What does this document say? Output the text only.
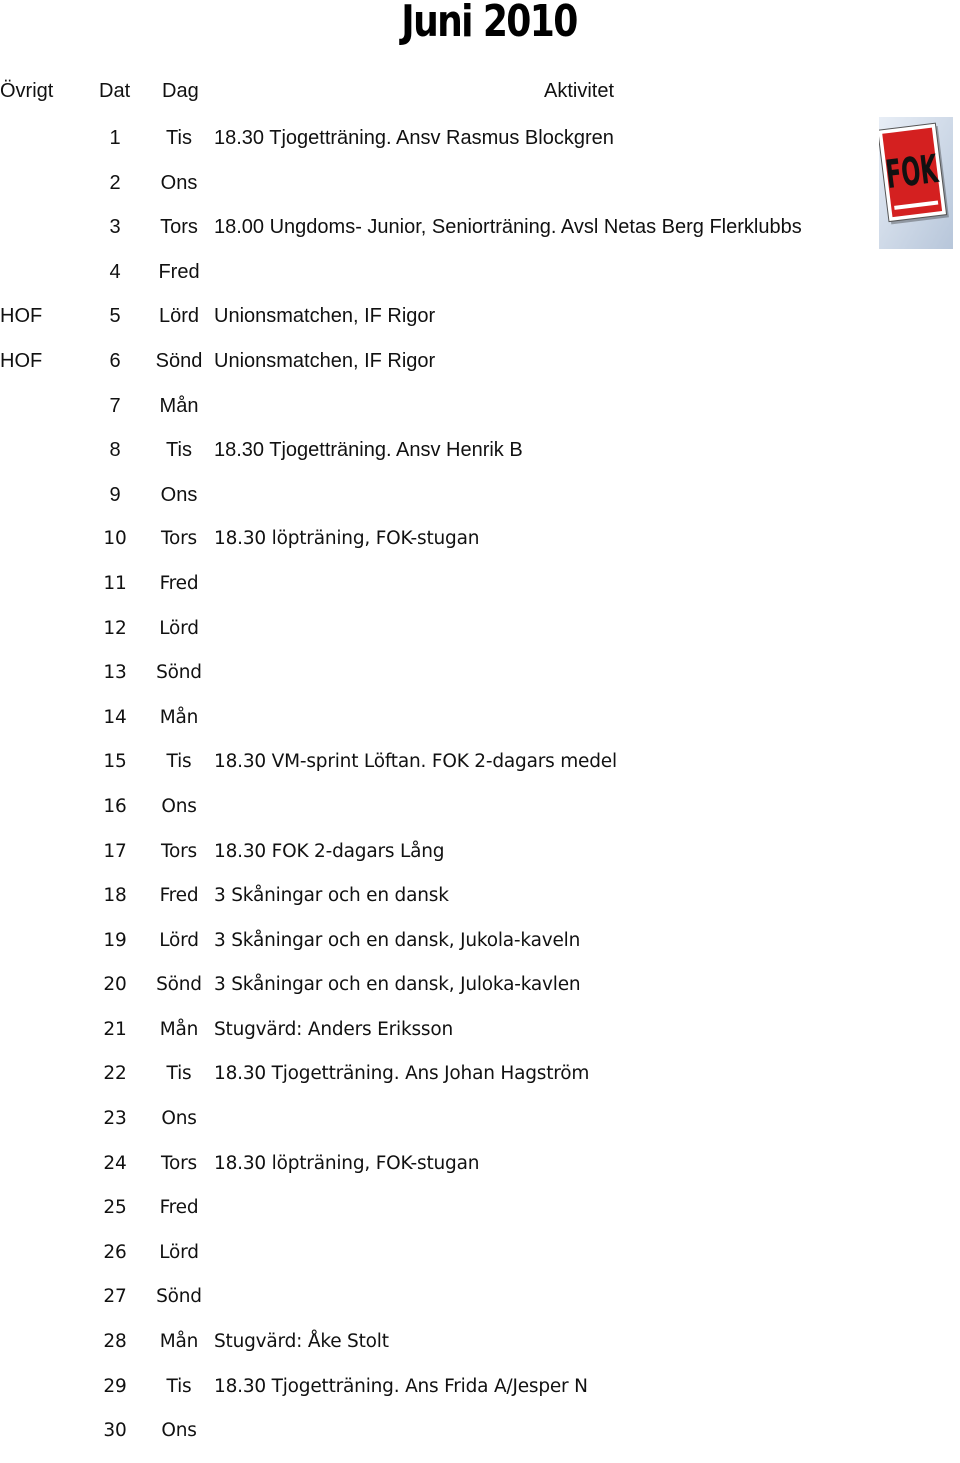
Juni 2010
Övrigt Dat Dag	Aktivitet
FOK
1	Tis	18.30 Tjogetträning. Ansv Rasmus Blockgren
2	Ons
3	Tors 18.00 Ungdoms- Junior, Seniorträning. Avsl Netas Berg Flerklubbs
4	Fred
HOF	5	Lörd Unionsmatchen, IF Rigor
HOF	6	Sönd Unionsmatchen, IF Rigor
7	Mån
8	Tis	18.30 Tjogetträning. Ansv Henrik B
9	Ons
10	Tors 18.30 löpträning, FOK-stugan
11	Fred
12	Lörd
13	Sönd
14	Mån
15	Tis	18.30 VM-sprint Löftan. FOK 2-dagars medel
16	Ons
17	Tors 18.30 FOK 2-dagars Lång
18	Fred 3 Skåningar och en dansk
19	Lörd 3 Skåningar och en dansk, Jukola-kaveln
20	Sönd 3 Skåningar och en dansk, Juloka-kavlen
21	Mån Stugvärd: Anders Eriksson
22	Tis	18.30 Tjogetträning. Ans Johan Hagström
23	Ons
24	Tors 18.30 löpträning, FOK-stugan
25	Fred
26	Lörd
27	Sönd
28	Mån Stugvärd: Åke Stolt
29	Tis	18.30 Tjogetträning. Ans Frida A/Jesper N
30	Ons
